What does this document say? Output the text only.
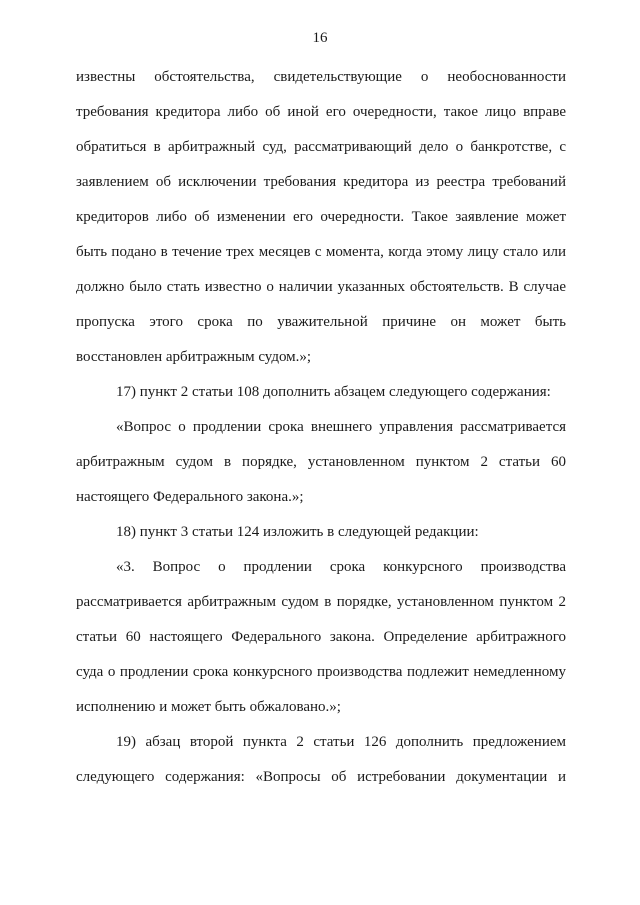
16

известны обстоятельства, свидетельствующие о необоснованности требования кредитора либо об иной его очередности, такое лицо вправе обратиться в арбитражный суд, рассматривающий дело о банкротстве, с заявлением об исключении требования кредитора из реестра требований кредиторов либо об изменении его очередности. Такое заявление может быть подано в течение трех месяцев с момента, когда этому лицу стало или должно было стать известно о наличии указанных обстоятельств. В случае пропуска этого срока по уважительной причине он может быть восстановлен арбитражным судом.»;

17) пункт 2 статьи 108 дополнить абзацем следующего содержания:

«Вопрос о продлении срока внешнего управления рассматривается арбитражным судом в порядке, установленном пунктом 2 статьи 60 настоящего Федерального закона.»;

18) пункт 3 статьи 124 изложить в следующей редакции:

«3. Вопрос о продлении срока конкурсного производства рассматривается арбитражным судом в порядке, установленном пунктом 2 статьи 60 настоящего Федерального закона. Определение арбитражного суда о продлении срока конкурсного производства подлежит немедленному исполнению и может быть обжаловано.»;

19) абзац второй пункта 2 статьи 126 дополнить предложением следующего содержания: «Вопросы об истребовании документации и
